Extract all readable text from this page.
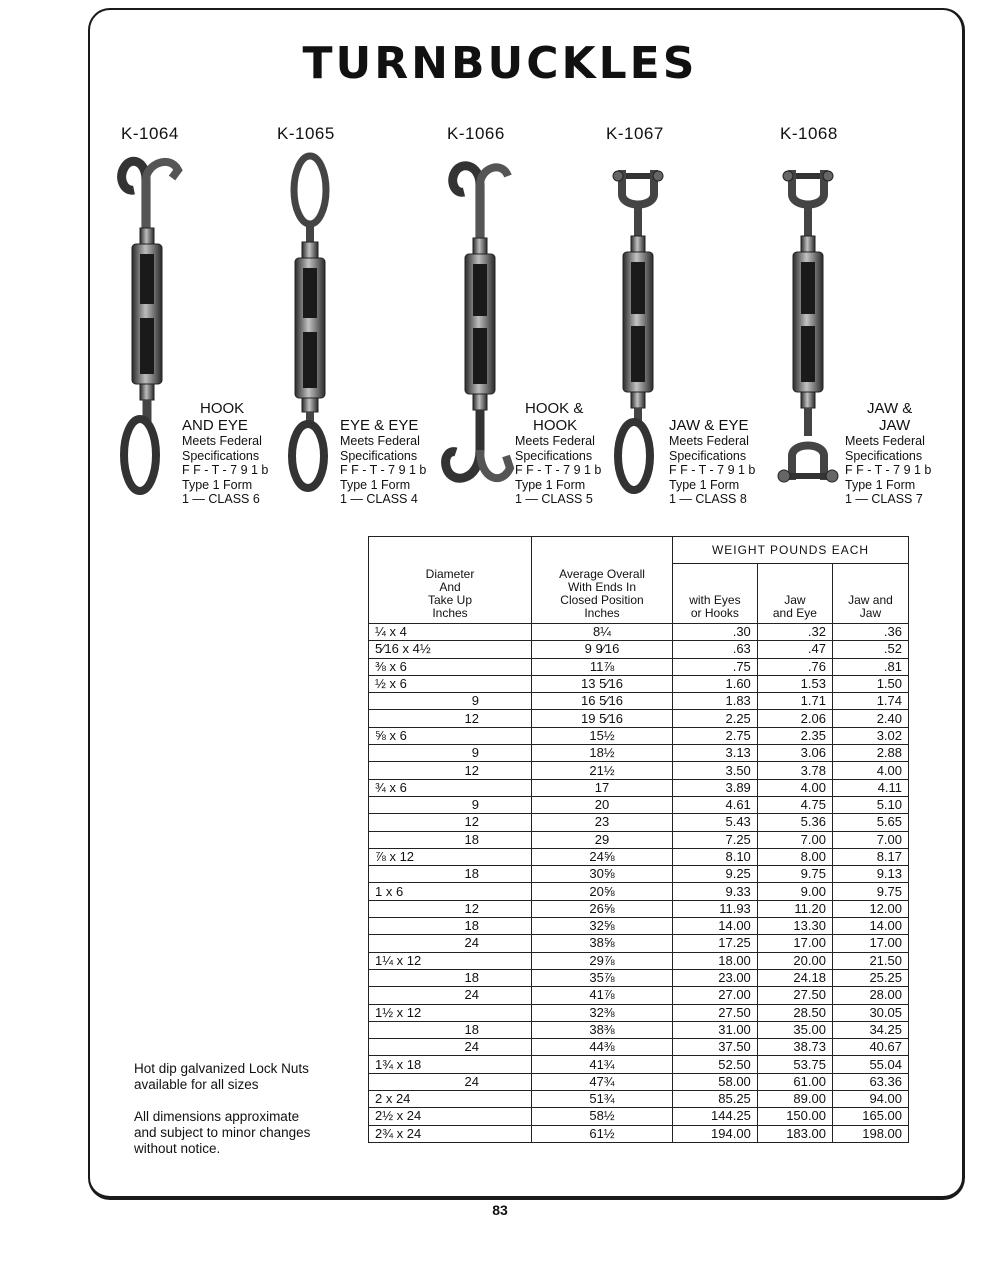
TURNBUCKLES
K-1064	K-1065	K-1066	K-1067	K-1068
HOOK
AND EYE
Meets Federal
Specifications
F F - T - 7 9 1 b
Type 1 Form
1 — CLASS 6

EYE & EYE
Meets Federal
Specifications
F F - T - 7 9 1 b
Type 1 Form
1 — CLASS 4
HOOK &
HOOK
Meets Federal
Specifications
F F - T - 7 9 1 b
Type 1 Form
1 — CLASS 5

JAW & EYE
Meets Federal
Specifications
F F - T - 7 9 1 b
Type 1 Form
1 — CLASS 8
JAW &
JAW
Meets Federal
Specifications
F F - T - 7 9 1 b
Type 1 Form
1 — CLASS 7
Diameter
And
Take Up
Inches	Average Overall
With Ends In
Closed Position
Inches	WEIGHT POUNDS EACH		
		with Eyes
or Hooks	Jaw
and Eye	Jaw and
Jaw
¼ x 4	8¼	.30	.32	.36
5⁄16 x 4½	9 9⁄16	.63	.47	.52
⅜ x 6	11⅞	.75	.76	.81
½ x 6	13 5⁄16	1.60	1.53	1.50
9	16 5⁄16	1.83	1.71	1.74
12	19 5⁄16	2.25	2.06	2.40
⅝ x 6	15½	2.75	2.35	3.02
9	18½	3.13	3.06	2.88
12	21½	3.50	3.78	4.00
¾ x 6	17	3.89	4.00	4.11
9	20	4.61	4.75	5.10
12	23	5.43	5.36	5.65
18	29	7.25	7.00	7.00
⅞ x 12	24⅝	8.10	8.00	8.17
18	30⅝	9.25	9.75	9.13
1 x 6	20⅝	9.33	9.00	9.75
12	26⅝	11.93	11.20	12.00
18	32⅝	14.00	13.30	14.00
24	38⅝	17.25	17.00	17.00
1¼ x 12	29⅞	18.00	20.00	21.50
18	35⅞	23.00	24.18	25.25
24	41⅞	27.00	27.50	28.00
1½ x 12	32⅜	27.50	28.50	30.05
18	38⅜	31.00	35.00	34.25
24	44⅜	37.50	38.73	40.67
1¾ x 18	41¾	52.50	53.75	55.04
24	47¾	58.00	61.00	63.36
2 x 24	51¾	85.25	89.00	94.00
2½ x 24	58½	144.25	150.00	165.00
2¾ x 24	61½	194.00	183.00	198.00

Hot dip galvanized Lock Nuts available for all sizes

All dimensions approximate and subject to minor changes without notice.

83
